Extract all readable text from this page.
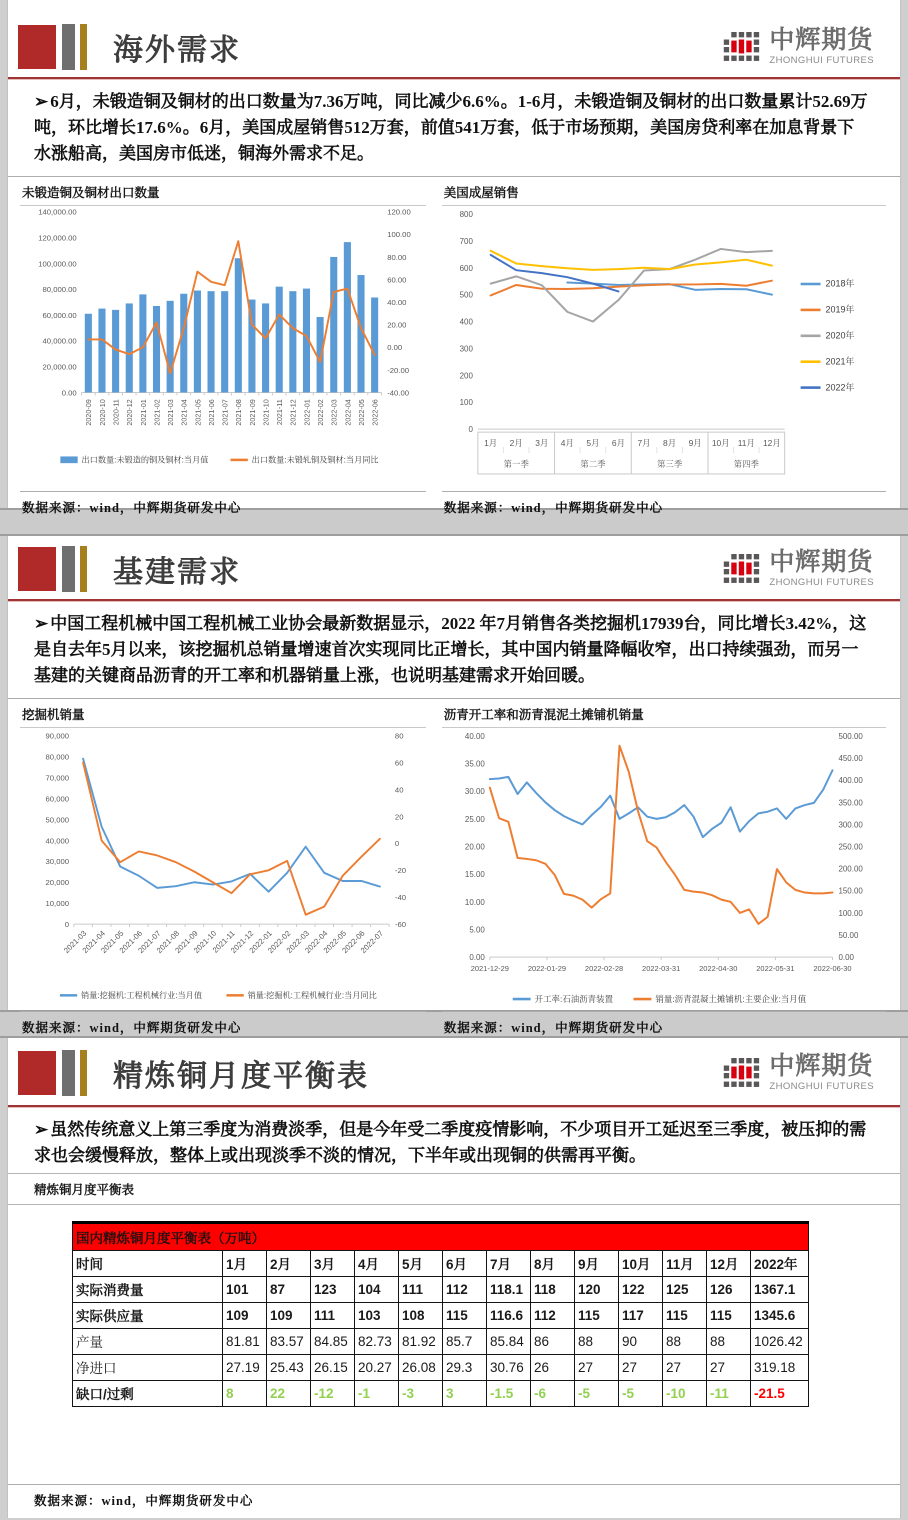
海外需求	中辉期货
ZHONGHUI FUTURES

➢ 6月，未锻造铜及铜材的出口数量为7.36万吨，同比减少6.6%。1-6月，未锻造铜及铜材的出口数量累计52.69万吨，环比增长17.6%。6月，美国成屋销售512万套，前值541万套，低于市场预期，美国房贷利率在加息背景下水涨船高，美国房市低迷，铜海外需求不足。

未锻造铜及铜材出口数量
140,000.00
120,000.00
100,000.00
80,000.00
60,000.00
40,000.00
20,000.00
0.00
120.00
100.00
80.00
60.00
40.00
20.00
0.00
-20.00
-40.00
2020-09 2020-10 2020-11 2020-12 2021-01 2021-02 2021-03 2021-04 2021-05 2021-06 2021-07 2021-08 2021-09 2021-10 2021-11 2021-12 2022-01 2022-02 2022-03 2022-04 2022-05 2022-06
出口数量:未锻造的铜及铜材:当月值	出口数量:未锻轧铜及铜材:当月同比
数据来源：wind，中辉期货研发中心
美国成屋销售
800
700
600
500
400
300
200
100
0
1月 2月 3月 4月 5月 6月 7月 8月 9月 10月 11月 12月
第一季	第二季	第三季	第四季
2018年
2019年
2020年
2021年
2022年
数据来源：wind，中辉期货研发中心
基建需求	中辉期货
ZHONGHUI FUTURES

➢ 中国工程机械中国工程机械工业协会最新数据显示，2022 年7月销售各类挖掘机17939台，同比增长3.42%，这是自去年5月以来，该挖掘机总销量增速首次实现同比正增长，其中国内销量降幅收窄，出口持续强劲，而另一基建的关键商品沥青的开工率和机器销量上涨，也说明基建需求开始回暖。

挖掘机销量
90,000
80,000
70,000
60,000
50,000
40,000
30,000
20,000
10,000
0
80
60
40
20
0
-20
-40
-60
2021-03
2021-04
2021-05
2021-06
2021-07
2021-08
2021-09
2021-10
2021-11
2021-12
2022-01
2022-02
2022-03
2022-04
2022-05
2022-06
2022-07
销量:挖掘机:工程机械行业:当月值	销量:挖掘机:工程机械行业:当月同比
数据来源：wind，中辉期货研发中心
沥青开工率和沥青混泥土摊铺机销量
40.00
35.00
30.00
25.00
20.00
15.00
10.00
5.00
0.00
500.00
450.00
400.00
350.00
300.00
250.00
200.00
150.00
100.00
50.00
0.00
2021-12-29	2022-01-29	2022-02-28	2022-03-31	2022-04-30	2022-05-31	2022-06-30
开工率:石油沥青装置	销量:沥青混凝土摊铺机:主要企业:当月值
数据来源：wind，中辉期货研发中心
精炼铜月度平衡表	中辉期货
ZHONGHUI FUTURES

➢ 虽然传统意义上第三季度为消费淡季，但是今年受二季度疫情影响，不少项目开工延迟至三季度，被压抑的需求也会缓慢释放，整体上或出现淡季不淡的情况，下半年或出现铜的供需再平衡。

精炼铜月度平衡表
国内精炼铜月度平衡表（万吨）													
时间	1月	2月	3月	4月	5月	6月	7月	8月	9月	10月	11月	12月	2022年
实际消费量	101	87	123	104	111	112	118.1	118	120	122	125	126	1367.1
实际供应量	109	109	111	103	108	115	116.6	112	115	117	115	115	1345.6
产量	81.81	83.57	84.85	82.73	81.92	85.7	85.84	86	88	90	88	88	1026.42
净进口	27.19	25.43	26.15	20.27	26.08	29.3	30.76	26	27	27	27	27	319.18
缺口/过剩	8	22	-12	-1	-3	3	-1.5	-6	-5	-5	-10	-11	-21.5
数据来源：wind，中辉期货研发中心
